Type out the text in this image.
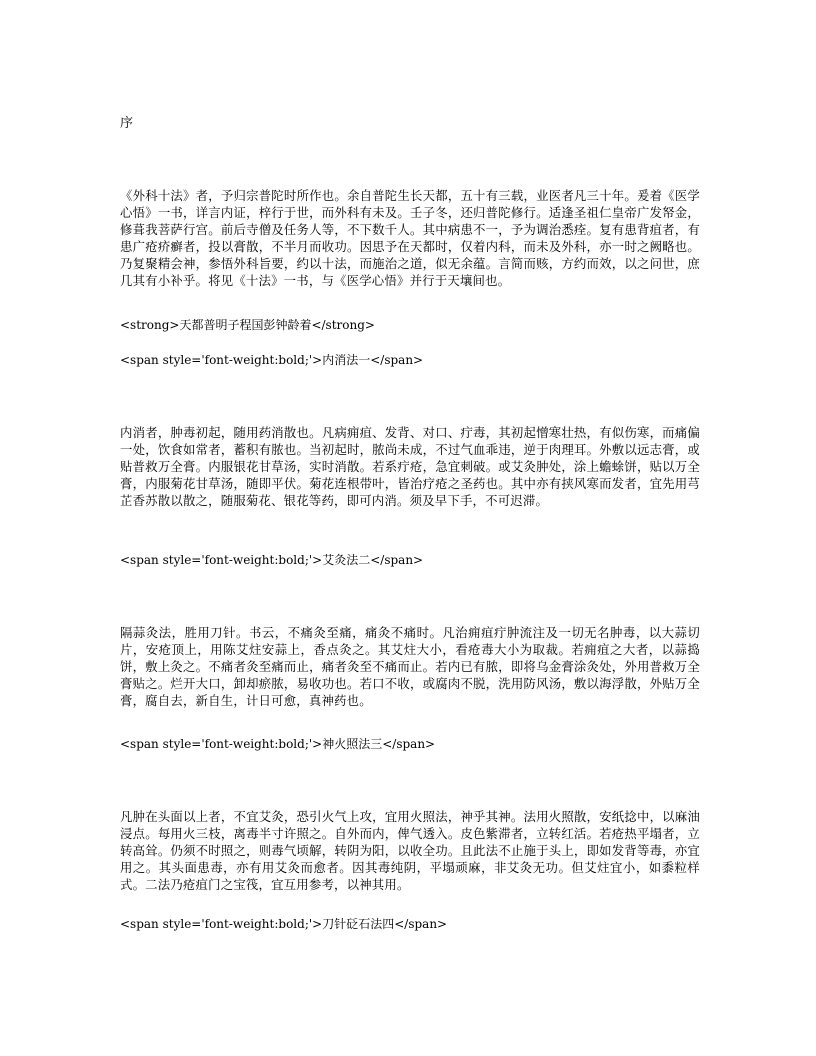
序
《外科十法》者，予归宗普陀时所作也。余自普陀生长天都，五十有三载，业医者凡三十年。爰着《医学心悟》一书，详言内证，梓行于世，而外科有未及。壬子冬，还归普陀修行。适逢圣祖仁皇帝广发帑金，修葺我菩萨行宫。前后寺僧及任务人等，不下数千人。其中病患不一，予为调治悉痊。复有患背疽者，有患广疮疥癣者，投以膏散，不半月而收功。因思予在天都时，仅着内科，而未及外科，亦一时之阙略也。乃复聚精会神，参悟外科旨要，约以十法，而施治之道，似无余蕴。言简而赅，方约而效，以之问世，庶几其有小补乎。将见《十法》一书，与《医学心悟》并行于天壤间也。
<strong>天都普明子程国彭钟龄着</strong>
<span style='font-weight:bold;'>内消法一</span>
内消者，肿毒初起，随用药消散也。凡病痈疽、发背、对口、疔毒，其初起憎寒壮热，有似伤寒，而痛偏一处，饮食如常者，蓄积有脓也。当初起时，脓尚未成，不过气血乖违，逆于肉理耳。外敷以远志膏，或贴普救万全膏。内服银花甘草汤，实时消散。若系疔疮，急宜刺破。或艾灸肿处，涂上蟾蜍饼，贴以万全膏，内服菊花甘草汤，随即平伏。菊花连根带叶，皆治疗疮之圣药也。其中亦有挟风寒而发者，宜先用芎芷香苏散以散之，随服菊花、银花等药，即可内消。须及早下手，不可迟滞。
<span style='font-weight:bold;'>艾灸法二</span>
隔蒜灸法，胜用刀针。书云，不痛灸至痛，痛灸不痛时。凡治痈疽疔肿流注及一切无名肿毒，以大蒜切片，安疮顶上，用陈艾炷安蒜上，香点灸之。其艾炷大小，看疮毒大小为取裁。若痈疽之大者，以蒜捣饼，敷上灸之。不痛者灸至痛而止，痛者灸至不痛而止。若内已有脓，即将乌金膏涂灸处，外用普救万全膏贴之。烂开大口，卸却瘀脓，易收功也。若口不收，或腐肉不脱，洗用防风汤，敷以海浮散，外贴万全膏，腐自去，新自生，计日可愈，真神药也。
<span style='font-weight:bold;'>神火照法三</span>
凡肿在头面以上者，不宜艾灸，恐引火气上攻，宜用火照法，神乎其神。法用火照散，安纸捻中，以麻油浸点。每用火三枝，离毒半寸许照之。自外而内，俾气透入。皮色紫滞者，立转红活。若疮热平塌者，立转高耸。仍须不时照之，则毒气顷解，转阴为阳，以收全功。且此法不止施于头上，即如发背等毒，亦宜用之。其头面患毒，亦有用艾灸而愈者。因其毒纯阴，平塌顽麻，非艾灸无功。但艾炷宜小，如黍粒样式。二法乃疮疽门之宝筏，宜互用参考，以神其用。
<span style='font-weight:bold;'>刀针砭石法四</span>
